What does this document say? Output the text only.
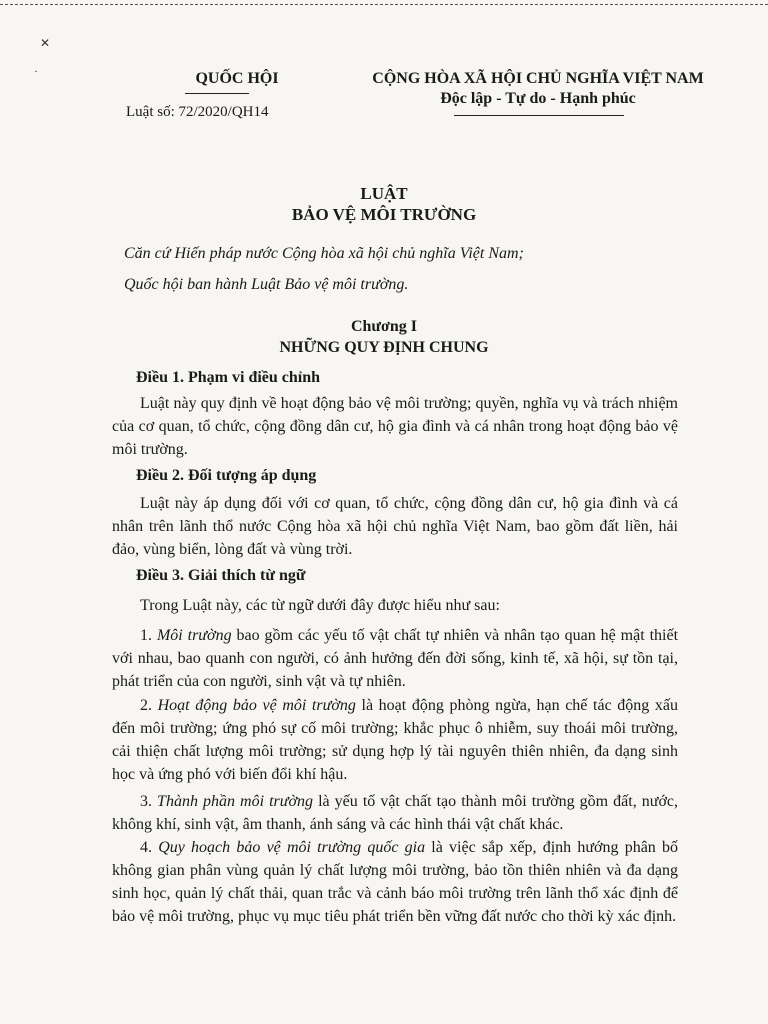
✕
·	QUỐC HỘI
Luật số: 72/2020/QH14
CỘNG HÒA XÃ HỘI CHỦ NGHĨA VIỆT NAM
Độc lập - Tự do - Hạnh phúc
LUẬT
BẢO VỆ MÔI TRƯỜNG
Căn cứ Hiến pháp nước Cộng hòa xã hội chủ nghĩa Việt Nam;
Quốc hội ban hành Luật Bảo vệ môi trường.
Chương I
NHỮNG QUY ĐỊNH CHUNG
Điều 1. Phạm vi điều chỉnh
Luật này quy định về hoạt động bảo vệ môi trường; quyền, nghĩa vụ và trách nhiệm của cơ quan, tổ chức, cộng đồng dân cư, hộ gia đình và cá nhân trong hoạt động bảo vệ môi trường.
Điều 2. Đối tượng áp dụng
Luật này áp dụng đối với cơ quan, tổ chức, cộng đồng dân cư, hộ gia đình và cá nhân trên lãnh thổ nước Cộng hòa xã hội chủ nghĩa Việt Nam, bao gồm đất liền, hải đảo, vùng biển, lòng đất và vùng trời.
Điều 3. Giải thích từ ngữ
Trong Luật này, các từ ngữ dưới đây được hiểu như sau:
1. Môi trường bao gồm các yếu tố vật chất tự nhiên và nhân tạo quan hệ mật thiết với nhau, bao quanh con người, có ảnh hưởng đến đời sống, kinh tế, xã hội, sự tồn tại, phát triển của con người, sinh vật và tự nhiên.
2. Hoạt động bảo vệ môi trường là hoạt động phòng ngừa, hạn chế tác động xấu đến môi trường; ứng phó sự cố môi trường; khắc phục ô nhiễm, suy thoái môi trường, cải thiện chất lượng môi trường; sử dụng hợp lý tài nguyên thiên nhiên, đa dạng sinh học và ứng phó với biến đổi khí hậu.
3. Thành phần môi trường là yếu tố vật chất tạo thành môi trường gồm đất, nước, không khí, sinh vật, âm thanh, ánh sáng và các hình thái vật chất khác.
4. Quy hoạch bảo vệ môi trường quốc gia là việc sắp xếp, định hướng phân bố không gian phân vùng quản lý chất lượng môi trường, bảo tồn thiên nhiên và đa dạng sinh học, quản lý chất thải, quan trắc và cảnh báo môi trường trên lãnh thổ xác định để bảo vệ môi trường, phục vụ mục tiêu phát triển bền vững đất nước cho thời kỳ xác định.
